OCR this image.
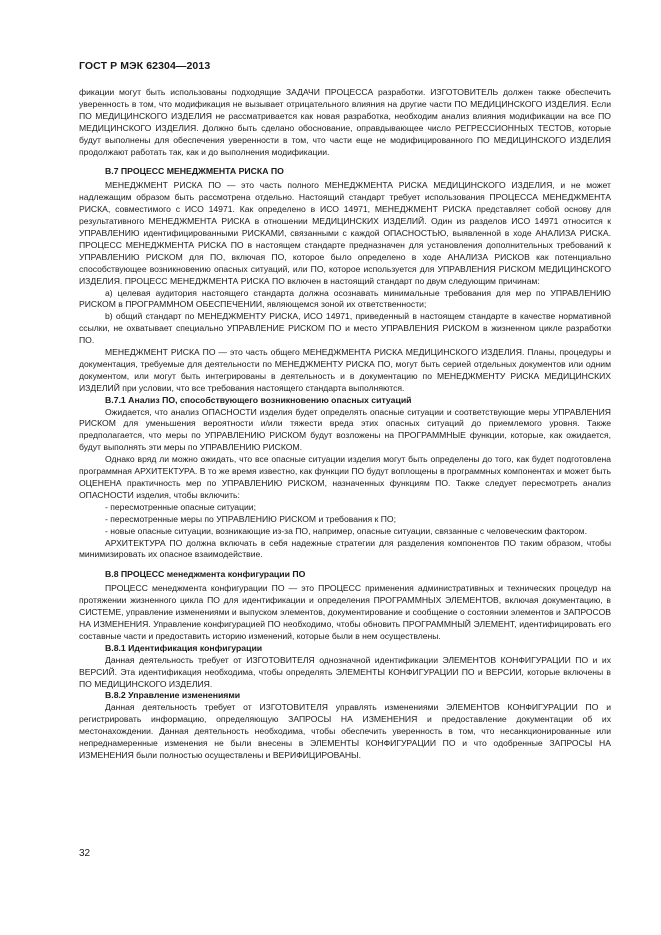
ГОСТ Р МЭК 62304—2013

фикации могут быть использованы подходящие ЗАДАЧИ ПРОЦЕССА разработки. ИЗГОТОВИТЕЛЬ должен также обеспечить уверенность в том, что модификация не вызывает отрицательного влияния на другие части ПО МЕДИЦИНСКОГО ИЗДЕЛИЯ. Если ПО МЕДИЦИНСКОГО ИЗДЕЛИЯ не рассматривается как новая разработка, необходим анализ влияния модификации на все ПО МЕДИЦИНСКОГО ИЗДЕЛИЯ. Должно быть сделано обоснование, оправдывающее число РЕГРЕССИОННЫХ ТЕСТОВ, которые будут выполнены для обеспечения уверенности в том, что части еще не модифицированного ПО МЕДИЦИНСКОГО ИЗДЕЛИЯ продолжают работать так, как и до выполнения модификации.

В.7 ПРОЦЕСС МЕНЕДЖМЕНТА РИСКА ПО

МЕНЕДЖМЕНТ РИСКА ПО — это часть полного МЕНЕДЖМЕНТА РИСКА МЕДИЦИНСКОГО ИЗДЕЛИЯ, и не может надлежащим образом быть рассмотрена отдельно. Настоящий стандарт требует использования ПРОЦЕССА МЕНЕДЖМЕНТА РИСКА, совместимого с ИСО 14971. Как определено в ИСО 14971, МЕНЕДЖМЕНТ РИСКА представляет собой основу для результативного МЕНЕДЖМЕНТА РИСКА в отношении МЕДИЦИНСКИХ ИЗДЕЛИЙ. Один из разделов ИСО 14971 относится к УПРАВЛЕНИЮ идентифицированными РИСКАМИ, связанными с каждой ОПАСНОСТЬЮ, выявленной в ходе АНАЛИЗА РИСКА. ПРОЦЕСС МЕНЕДЖМЕНТА РИСКА ПО в настоящем стандарте предназначен для установления дополнительных требований к УПРАВЛЕНИЮ РИСКОМ для ПО, включая ПО, которое было определено в ходе АНАЛИЗА РИСКОВ как потенциально способствующее возникновению опасных ситуаций, или ПО, которое используется для УПРАВЛЕНИЯ РИСКОМ МЕДИЦИНСКОГО ИЗДЕЛИЯ. ПРОЦЕСС МЕНЕДЖМЕНТА РИСКА ПО включен в настоящий стандарт по двум следующим причинам:

а) целевая аудитория настоящего стандарта должна осознавать минимальные требования для мер по УПРАВЛЕНИЮ РИСКОМ в ПРОГРАММНОМ ОБЕСПЕЧЕНИИ, являющемся зоной их ответственности;

b) общий стандарт по МЕНЕДЖМЕНТУ РИСКА, ИСО 14971, приведенный в настоящем стандарте в качестве нормативной ссылки, не охватывает специально УПРАВЛЕНИЕ РИСКОМ ПО и место УПРАВЛЕНИЯ РИСКОМ в жизненном цикле разработки ПО.

МЕНЕДЖМЕНТ РИСКА ПО — это часть общего МЕНЕДЖМЕНТА РИСКА МЕДИЦИНСКОГО ИЗДЕЛИЯ. Планы, процедуры и документация, требуемые для деятельности по МЕНЕДЖМЕНТУ РИСКА ПО, могут быть серией отдельных документов или одним документом, или могут быть интегрированы в деятельность и в документацию по МЕНЕДЖМЕНТУ РИСКА МЕДИЦИНСКИХ ИЗДЕЛИЙ при условии, что все требования настоящего стандарта выполняются.

В.7.1 Анализ ПО, способствующего возникновению опасных ситуаций

Ожидается, что анализ ОПАСНОСТИ изделия будет определять опасные ситуации и соответствующие меры УПРАВЛЕНИЯ РИСКОМ для уменьшения вероятности и/или тяжести вреда этих опасных ситуаций до приемлемого уровня. Также предполагается, что меры по УПРАВЛЕНИЮ РИСКОМ будут возложены на ПРОГРАММНЫЕ функции, которые, как ожидается, будут выполнять эти меры по УПРАВЛЕНИЮ РИСКОМ.

Однако вряд ли можно ожидать, что все опасные ситуации изделия могут быть определены до того, как будет подготовлена программная АРХИТЕКТУРА. В то же время известно, как функции ПО будут воплощены в программных компонентах и может быть ОЦЕНЕНА практичность мер по УПРАВЛЕНИЮ РИСКОМ, назначенных функциям ПО. Также следует пересмотреть анализ ОПАСНОСТИ изделия, чтобы включить:

- пересмотренные опасные ситуации;
- пересмотренные меры по УПРАВЛЕНИЮ РИСКОМ и требования к ПО;
- новые опасные ситуации, возникающие из-за ПО, например, опасные ситуации, связанные с человеческим фактором.

АРХИТЕКТУРА ПО должна включать в себя надежные стратегии для разделения компонентов ПО таким образом, чтобы минимизировать их опасное взаимодействие.

В.8 ПРОЦЕСС менеджмента конфигурации ПО

ПРОЦЕСС менеджмента конфигурации ПО — это ПРОЦЕСС применения административных и технических процедур на протяжении жизненного цикла ПО для идентификации и определения ПРОГРАММНЫХ ЭЛЕМЕНТОВ, включая документацию, в СИСТЕМЕ, управление изменениями и выпуском элементов, документирование и сообщение о состоянии элементов и ЗАПРОСОВ НА ИЗМЕНЕНИЯ. Управление конфигурацией ПО необходимо, чтобы обновить ПРОГРАММНЫЙ ЭЛЕМЕНТ, идентифицировать его составные части и предоставить историю изменений, которые были в нем осуществлены.

В.8.1 Идентификация конфигурации

Данная деятельность требует от ИЗГОТОВИТЕЛЯ однозначной идентификации ЭЛЕМЕНТОВ КОНФИГУРАЦИИ ПО и их ВЕРСИЙ. Эта идентификация необходима, чтобы определять ЭЛЕМЕНТЫ КОНФИГУРАЦИИ ПО и ВЕРСИИ, которые включены в ПО МЕДИЦИНСКОГО ИЗДЕЛИЯ.

В.8.2 Управление изменениями

Данная деятельность требует от ИЗГОТОВИТЕЛЯ управлять изменениями ЭЛЕМЕНТОВ КОНФИГУРАЦИИ ПО и регистрировать информацию, определяющую ЗАПРОСЫ НА ИЗМЕНЕНИЯ и предоставление документации об их местонахождении. Данная деятельность необходима, чтобы обеспечить уверенность в том, что несанкционированные или непреднамеренные изменения не были внесены в ЭЛЕМЕНТЫ КОНФИГУРАЦИИ ПО и что одобренные ЗАПРОСЫ НА ИЗМЕНЕНИЯ были полностью осуществлены и ВЕРИФИЦИРОВАНЫ.

32
